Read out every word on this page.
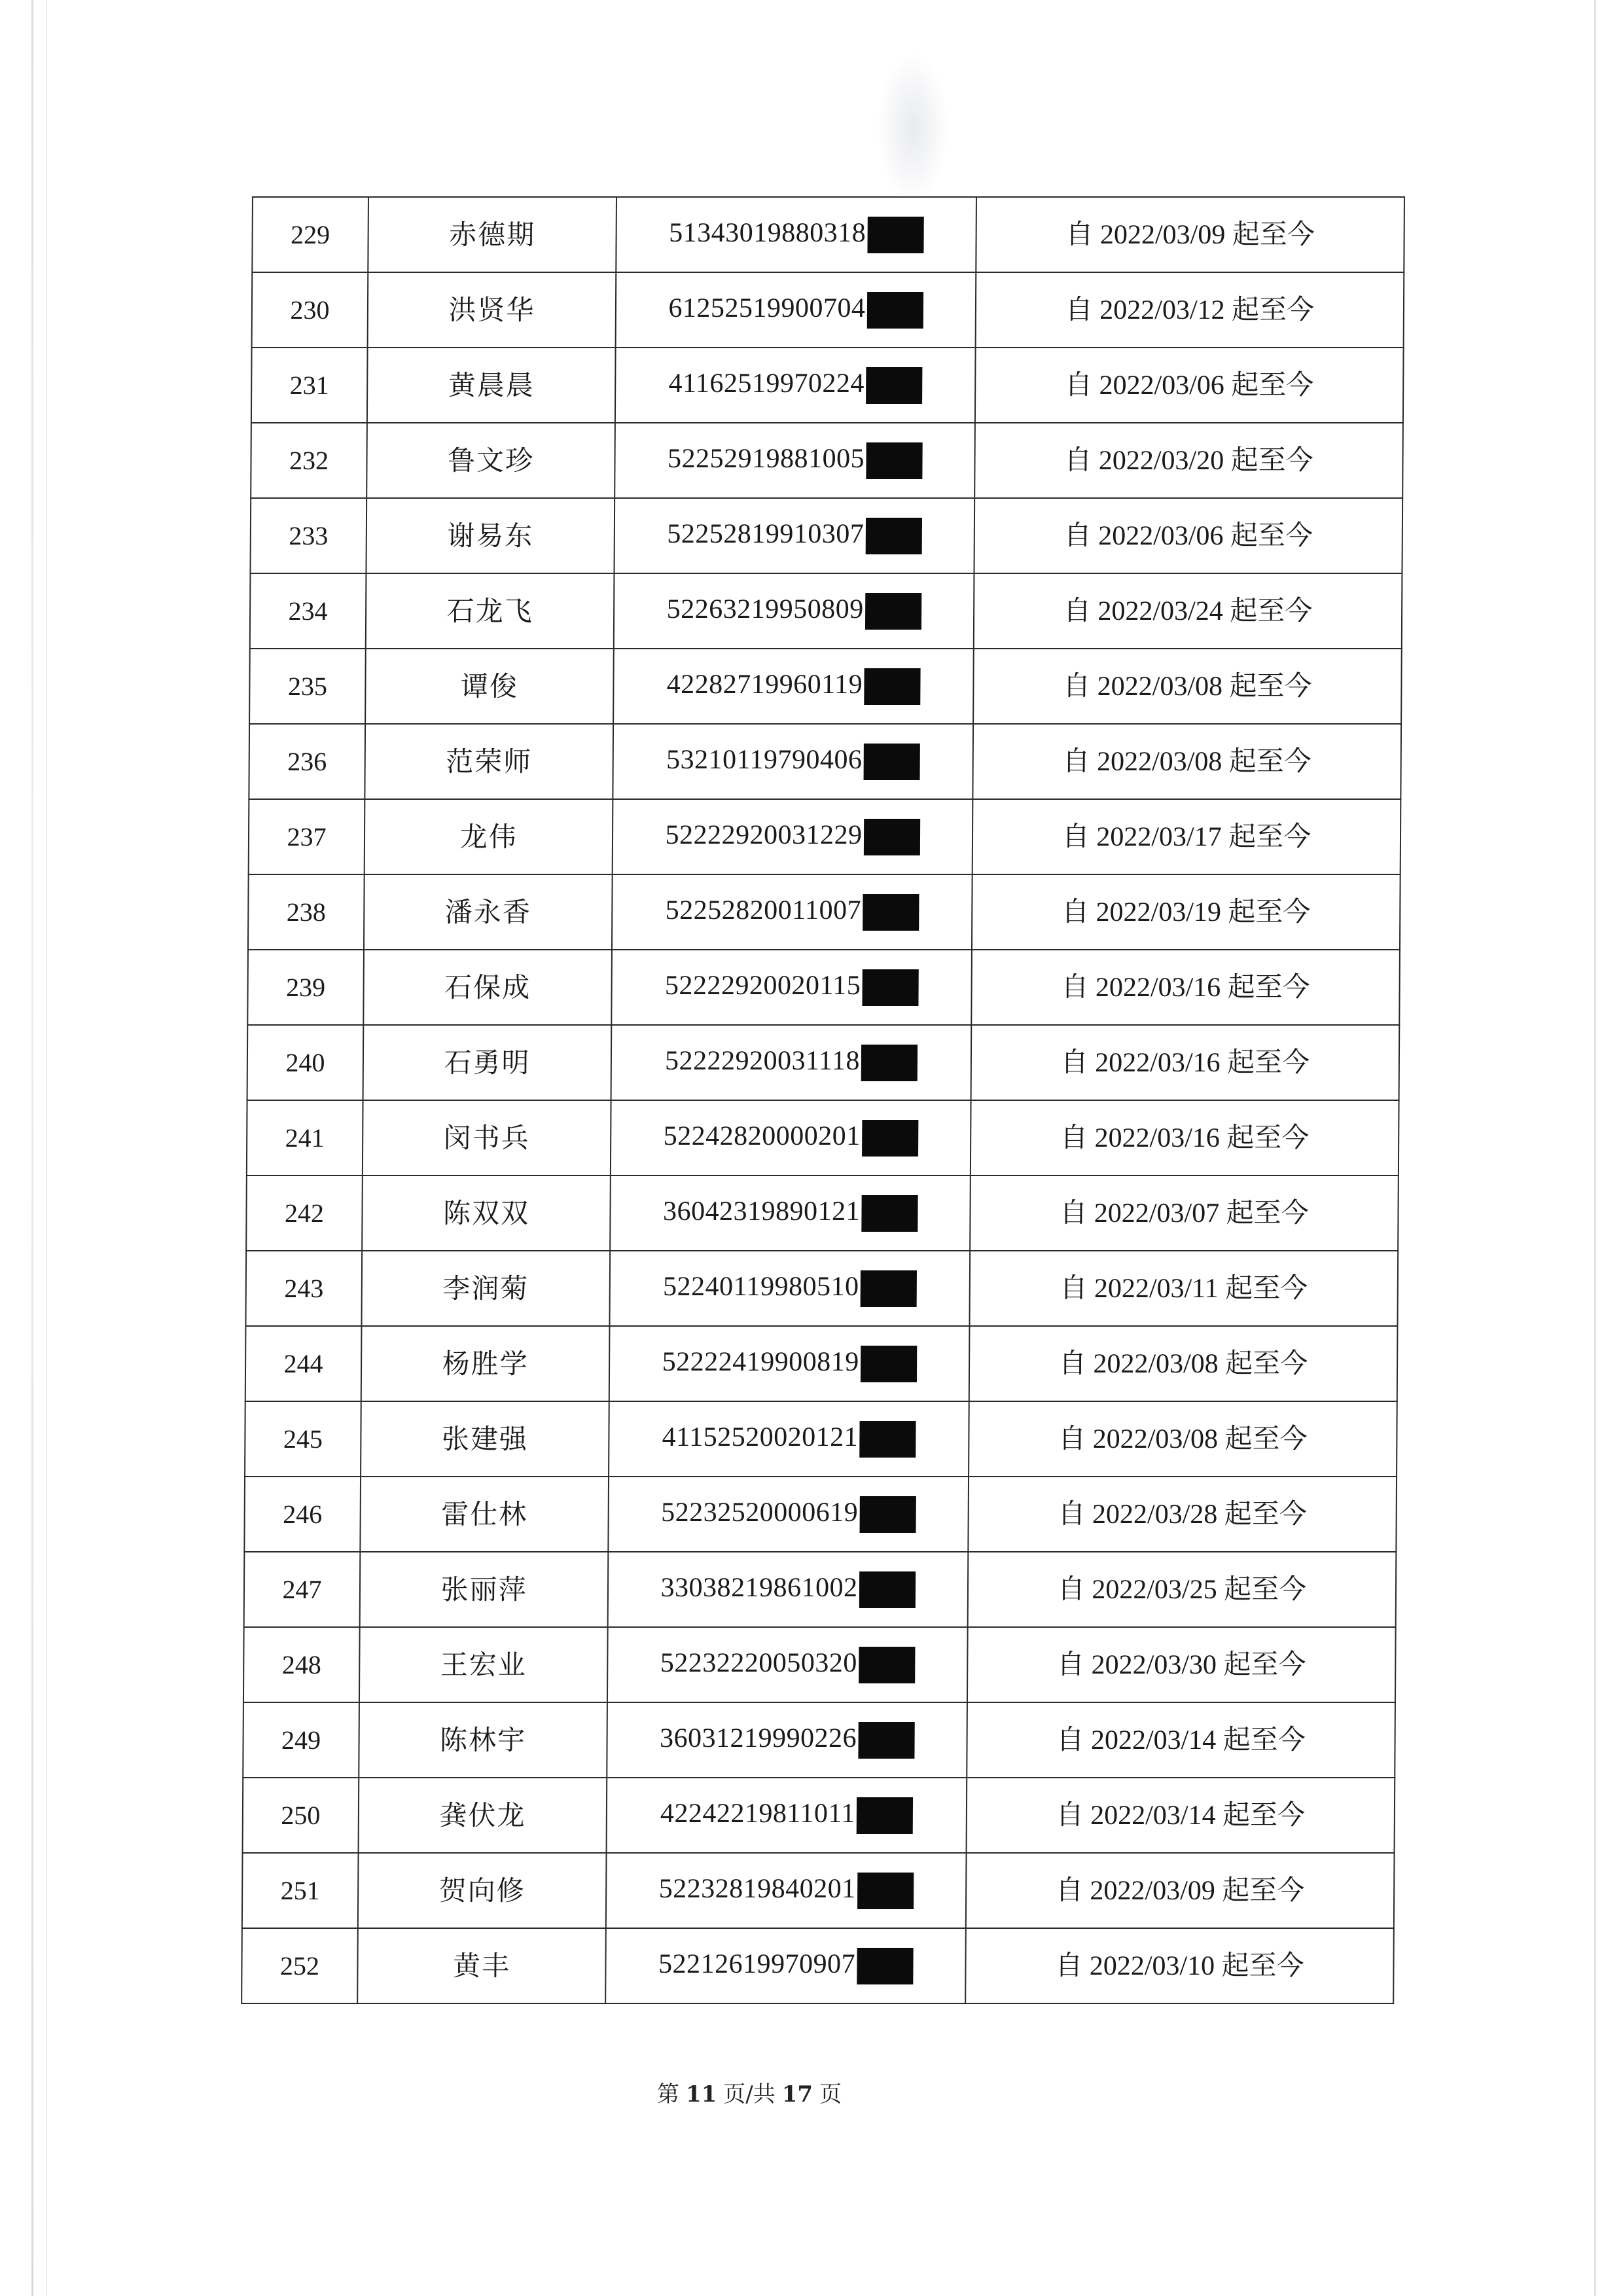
229	赤德期	51343019880318	自 2022/03/09 起至今
230	洪贤华	61252519900704	自 2022/03/12 起至今
231	黄晨晨	41162519970224	自 2022/03/06 起至今
232	鲁文珍	52252919881005	自 2022/03/20 起至今
233	谢易东	52252819910307	自 2022/03/06 起至今
234	石龙飞	52263219950809	自 2022/03/24 起至今
235	谭俊	42282719960119	自 2022/03/08 起至今
236	范荣师	53210119790406	自 2022/03/08 起至今
237	龙伟	52222920031229	自 2022/03/17 起至今
238	潘永香	52252820011007	自 2022/03/19 起至今
239	石保成	52222920020115	自 2022/03/16 起至今
240	石勇明	52222920031118	自 2022/03/16 起至今
241	闵书兵	52242820000201	自 2022/03/16 起至今
242	陈双双	36042319890121	自 2022/03/07 起至今
243	李润菊	52240119980510	自 2022/03/11 起至今
244	杨胜学	52222419900819	自 2022/03/08 起至今
245	张建强	41152520020121	自 2022/03/08 起至今
246	雷仕林	52232520000619	自 2022/03/28 起至今
247	张丽萍	33038219861002	自 2022/03/25 起至今
248	王宏业	52232220050320	自 2022/03/30 起至今
249	陈林宇	36031219990226	自 2022/03/14 起至今
250	龚伏龙	42242219811011	自 2022/03/14 起至今
251	贺向修	52232819840201	自 2022/03/09 起至今
252	黄丰	52212619970907	自 2022/03/10 起至今
第 11 页/共 17 页
